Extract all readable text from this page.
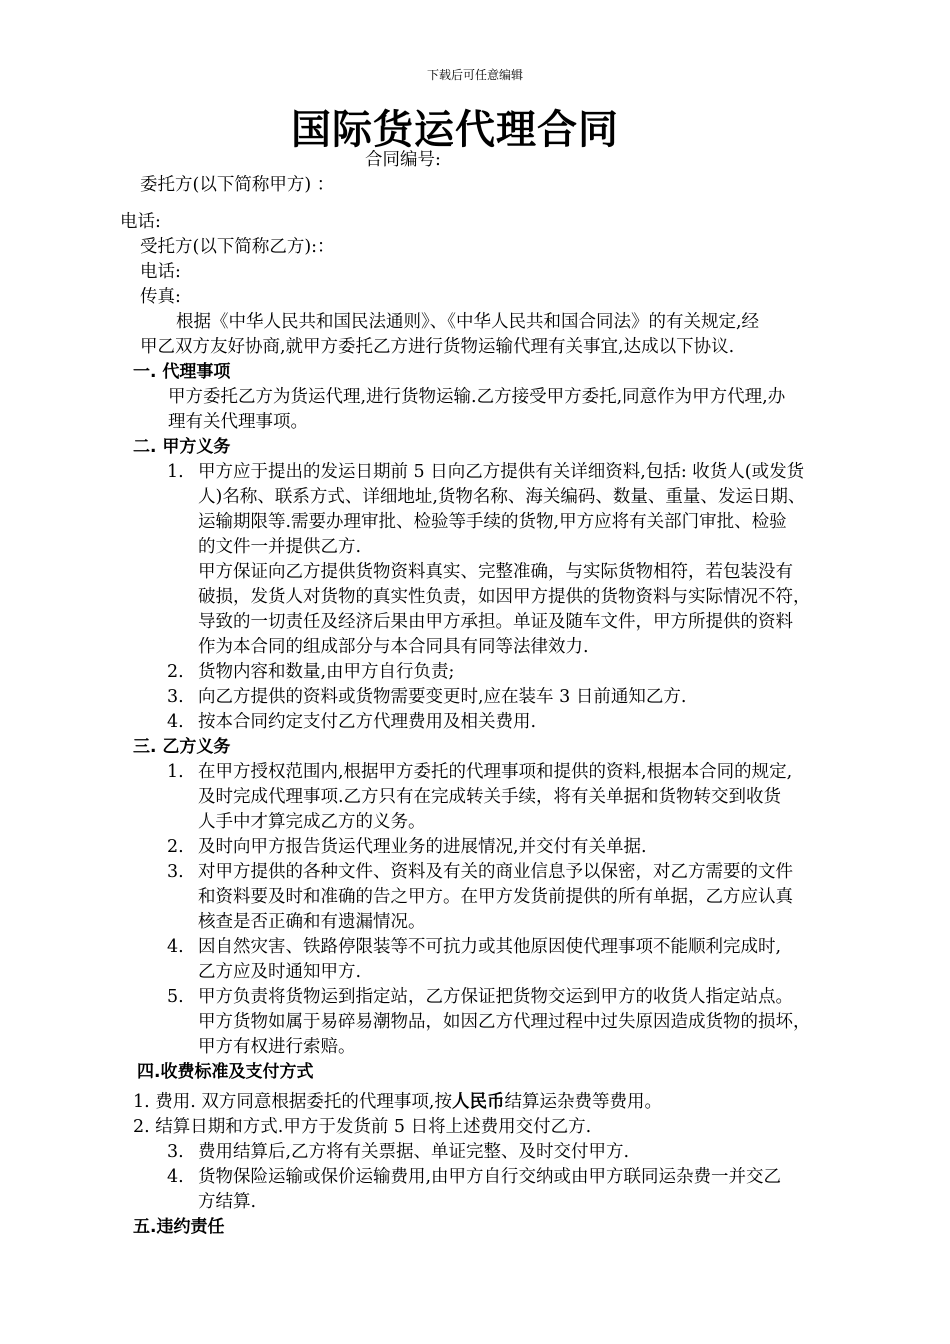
下载后可任意编辑
国际货运代理合同
合同编号:
委托方(以下简称甲方) ：
电话:
受托方(以下简称乙方):：
电话:
传真:
根据《中华人民共和国民法通则》、《中华人民共和国合同法》的有关规定,经
甲乙双方友好协商,就甲方委托乙方进行货物运输代理有关事宜,达成以下协议.
一. 代理事项
甲方委托乙方为货运代理,进行货物运输.乙方接受甲方委托,同意作为甲方代理,办
理有关代理事项。
二. 甲方义务
1. 甲方应于提出的发运日期前 5 日向乙方提供有关详细资料,包括: 收货人(或发货
人)名称、联系方式、详细地址,货物名称、海关编码、数量、重量、发运日期、
运输期限等.需要办理审批、检验等手续的货物,甲方应将有关部门审批、检验
的文件一并提供乙方.
甲方保证向乙方提供货物资料真实、完整准确，与实际货物相符，若包装没有
破损，发货人对货物的真实性负责，如因甲方提供的货物资料与实际情况不符，
导致的一切责任及经济后果由甲方承担。单证及随车文件，甲方所提供的资料
作为本合同的组成部分与本合同具有同等法律效力.
2. 货物内容和数量,由甲方自行负责;
3. 向乙方提供的资料或货物需要变更时,应在装车 3 日前通知乙方.
4. 按本合同约定支付乙方代理费用及相关费用.
三. 乙方义务
1. 在甲方授权范围内,根据甲方委托的代理事项和提供的资料,根据本合同的规定,
及时完成代理事项.乙方只有在完成转关手续，将有关单据和货物转交到收货
人手中才算完成乙方的义务。
2. 及时向甲方报告货运代理业务的进展情况,并交付有关单据.
3. 对甲方提供的各种文件、资料及有关的商业信息予以保密，对乙方需要的文件
和资料要及时和准确的告之甲方。在甲方发货前提供的所有单据，乙方应认真
核查是否正确和有遗漏情况。
4. 因自然灾害、铁路停限装等不可抗力或其他原因使代理事项不能顺利完成时,
乙方应及时通知甲方.
5. 甲方负责将货物运到指定站，乙方保证把货物交运到甲方的收货人指定站点。
甲方货物如属于易碎易潮物品，如因乙方代理过程中过失原因造成货物的损坏，
甲方有权进行索赔。
四.收费标准及支付方式
1. 费用. 双方同意根据委托的代理事项,按人民币结算运杂费等费用。
2. 结算日期和方式.甲方于发货前 5 日将上述费用交付乙方.
3. 费用结算后,乙方将有关票据、单证完整、及时交付甲方.
4. 货物保险运输或保价运输费用,由甲方自行交纳或由甲方联同运杂费一并交乙
方结算.
五.违约责任
